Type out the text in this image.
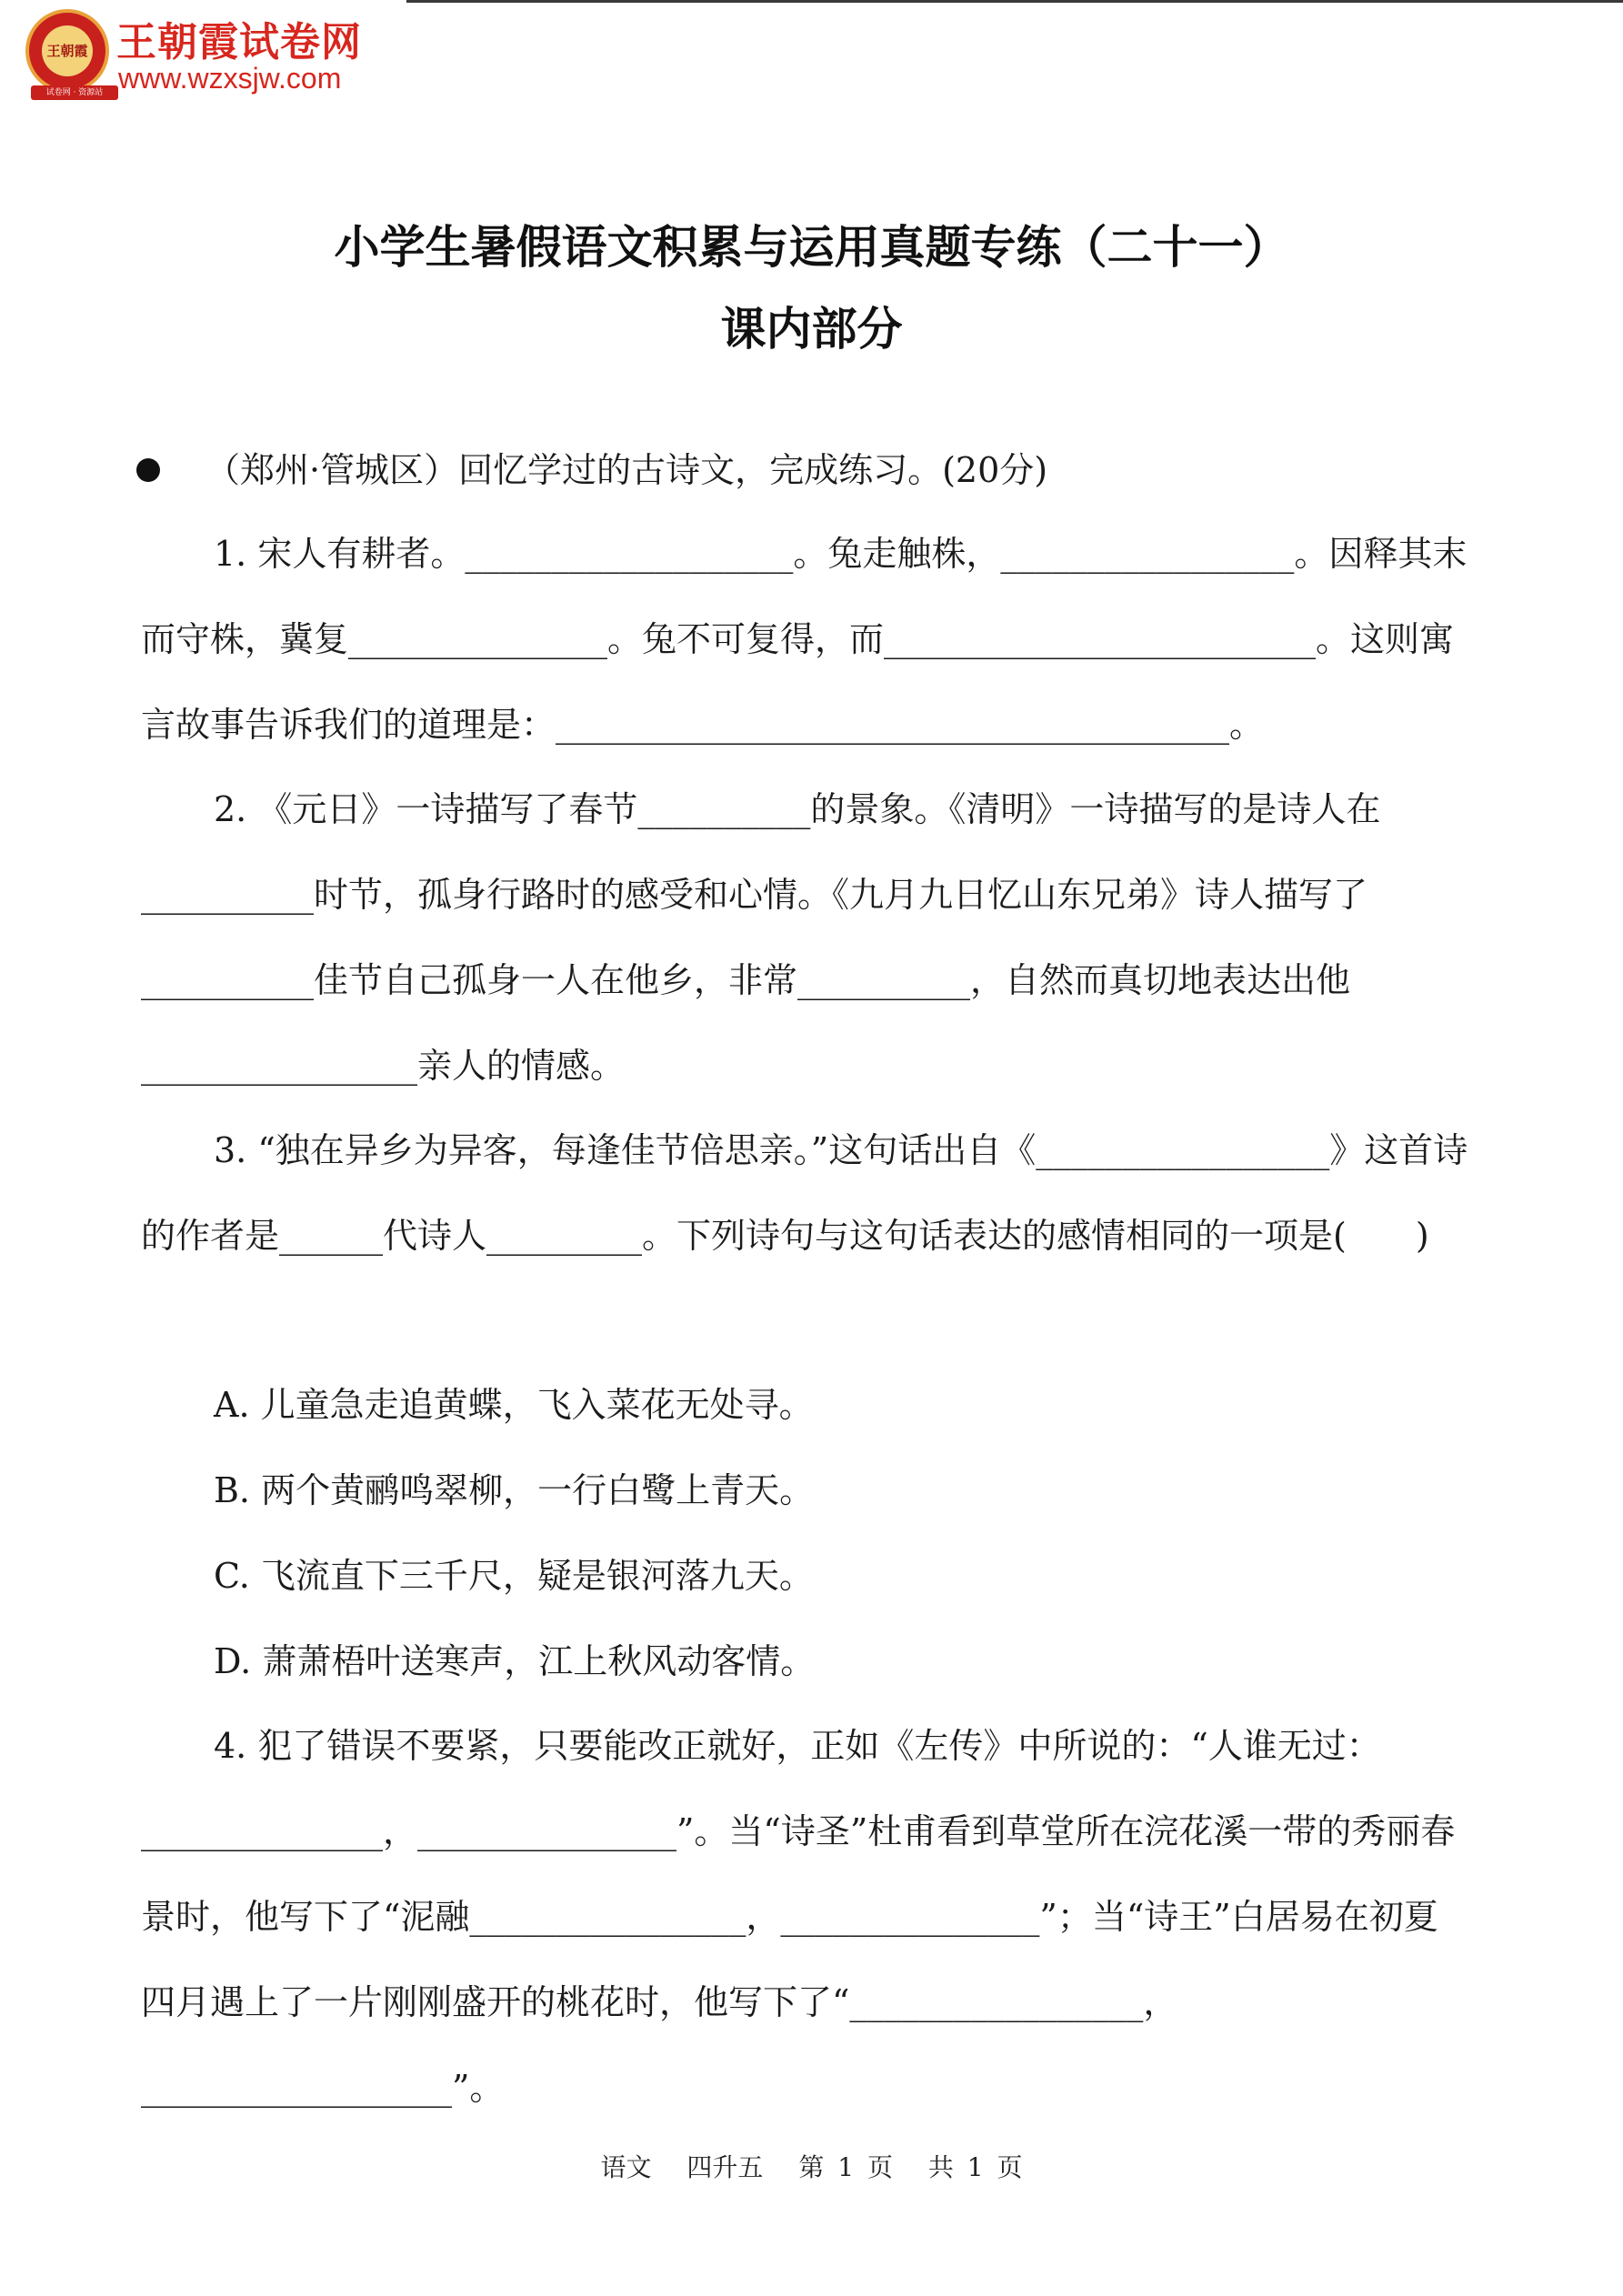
王朝霞
试卷网 · 资源站
王朝霞试卷网
www.wzxsjw.com
小学生暑假语文积累与运用真题专练（二十一）
课内部分

（郑州·管城区）回忆学过的古诗文，完成练习。(20分)

1. 宋人有耕者。___________________。兔走触株，_________________。因释其末而守株，冀复_______________。兔不可复得，而_________________________。这则寓言故事告诉我们的道理是：_______________________________________。

2. 《元日》一诗描写了春节__________的景象。《清明》一诗描写的是诗人在__________时节，孤身行路时的感受和心情。《九月九日忆山东兄弟》诗人描写了__________佳节自己孤身一人在他乡，非常__________，自然而真切地表达出他________________亲人的情感。

3. “独在异乡为异客，每逢佳节倍思亲。”这句话出自《_________________》这首诗的作者是______代诗人_________。下列诗句与这句话表达的感情相同的一项是(　　)

A. 儿童急走追黄蝶，飞入菜花无处寻。
B. 两个黄鹂鸣翠柳，一行白鹭上青天。
C. 飞流直下三千尺，疑是银河落九天。
D. 萧萧梧叶送寒声，江上秋风动客情。

4. 犯了错误不要紧，只要能改正就好，正如《左传》中所说的：“人谁无过：______________，_______________”。当“诗圣”杜甫看到草堂所在浣花溪一带的秀丽春景时，他写下了“泥融________________，_______________”；当“诗王”白居易在初夏四月遇上了一片刚刚盛开的桃花时，他写下了“_________________，__________________”。

语文 四升五 第 1 页 共 1 页
